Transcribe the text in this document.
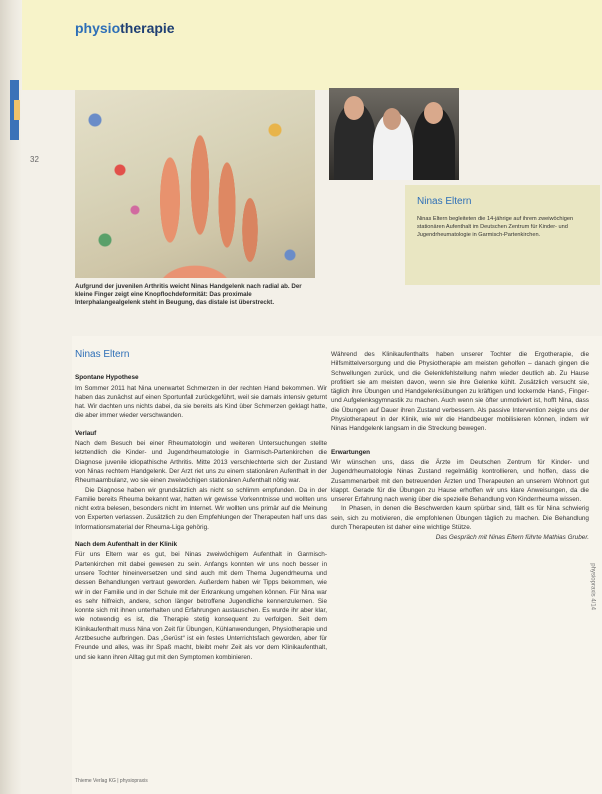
32
physiotherapie
Aufgrund der juvenilen Arthritis weicht Ninas Handgelenk nach radial ab. Der kleine Finger zeigt eine Knopflochdeformität: Das proximale Interphalangealgelenk steht in Beugung, das distale ist überstreckt.
Ninas Eltern
Ninas Eltern begleiteten die 14-jährige auf ihrem zweiwöchigen stationären Aufenthalt im Deutschen Zentrum für Kinder- und Jugendrheumatologie in Garmisch-Partenkirchen.
Ninas Eltern
Spontane Hypothese

Im Sommer 2011 hat Nina unerwartet Schmerzen in der rechten Hand bekommen. Wir haben das zunächst auf einen Sportunfall zurückgeführt, weil sie damals intensiv geturnt hat. Wir dachten uns nichts dabei, da sie bereits als Kind über Schmerzen geklagt hatte, die aber immer wieder verschwanden.

Verlauf

Nach dem Besuch bei einer Rheumatologin und weiteren Untersuchungen stellte letztendlich die Kinder- und Jugendrheumatologie in Garmisch-Partenkirchen die Diagnose juvenile idiopathische Arthritis. Mitte 2013 verschlechterte sich der Zustand von Ninas rechtem Handgelenk. Der Arzt riet uns zu einem stationären Aufenthalt in der Rheumaambulanz, wo sie einen zweiwöchigen stationären Aufenthalt nötig war.

Die Diagnose haben wir grundsätzlich als nicht so schlimm empfunden. Da in der Familie bereits Rheuma bekannt war, hatten wir gewisse Vorkenntnisse und wollten uns nicht extra belesen, besonders nicht im Internet. Wir wollten uns primär auf die Meinung von Experten verlassen. Zusätzlich zu den Empfehlungen der Therapeuten half uns das Informationsmaterial der Rheuma-Liga gehörig.

Nach dem Aufenthalt in der Klinik

Für uns Eltern war es gut, bei Ninas zweiwöchigem Aufenthalt in Garmisch-Partenkirchen mit dabei gewesen zu sein. Anfangs konnten wir uns noch besser in unsere Tochter hineinversetzen und sind auch mit dem Thema Jugendrheuma und dessen Behandlungen vertraut geworden. Außerdem haben wir Tipps bekommen, wie wir in der Familie und in der Schule mit der Erkrankung umgehen können. Für Nina war es sehr hilfreich, andere, schon länger betroffene Jugendliche kennenzulernen. Sie konnte sich mit ihnen unterhalten und Erfahrungen austauschen. Es wurde ihr aber klar, wie notwendig es ist, die Therapie stetig konsequent zu verfolgen. Seit dem Klinikaufenthalt muss Nina von Zeit für Übungen, Kühlanwendungen, Physiotherapie und Arztbesuche aufbringen. Das „Gerüst“ ist ein festes Unterrichtsfach geworden, aber für Freunde und alles, was ihr Spaß macht, bleibt mehr Zeit als vor dem Klinikaufenthalt, und sie kann ihren Alltag gut mit den Symptomen kombinieren.

Während des Klinikaufenthalts haben unserer Tochter die Ergotherapie, die Hilfsmittelversorgung und die Physiotherapie am meisten geholfen – danach gingen die Schwellungen zurück, und die Gelenkfehlstellung nahm wieder deutlich ab. Zu Hause profitiert sie am meisten davon, wenn sie ihre Gelenke kühlt. Zusätzlich versucht sie, täglich ihre Übungen und Handgelenksübungen zu kräftigen und lockernde Hand-, Finger- und Aufgelenksgymnastik zu machen. Auch wenn sie öfter unmotiviert ist, hofft Nina, dass die Übungen auf Dauer ihren Zustand verbessern. Als passive Intervention zeigte uns der Physiotherapeut in der Klinik, wie wir die Handbeuger mobilisieren können, indem wir Ninas Handgelenk langsam in die Streckung bewegen.

Erwartungen

Wir wünschen uns, dass die Ärzte im Deutschen Zentrum für Kinder- und Jugendrheumatologie Ninas Zustand regelmäßig kontrollieren, und hoffen, dass die Zusammenarbeit mit den betreuenden Ärzten und Therapeuten an unserem Wohnort gut klappt. Gerade für die Übungen zu Hause erhoffen wir uns klare Anweisungen, da die unserer Erfahrung nach wenig über die spezielle Behandlung von Kinderrheuma wissen.

In Phasen, in denen die Beschwerden kaum spürbar sind, fällt es für Nina schwierig sein, sich zu motivieren, die empfohlenen Übungen täglich zu machen. Die Behandlung durch Therapeuten ist daher eine wichtige Stütze.

Das Gespräch mit Ninas Eltern führte Mathias Gruber.
Thieme Verlag KG | physiopraxis
physiopraxis 4/14
